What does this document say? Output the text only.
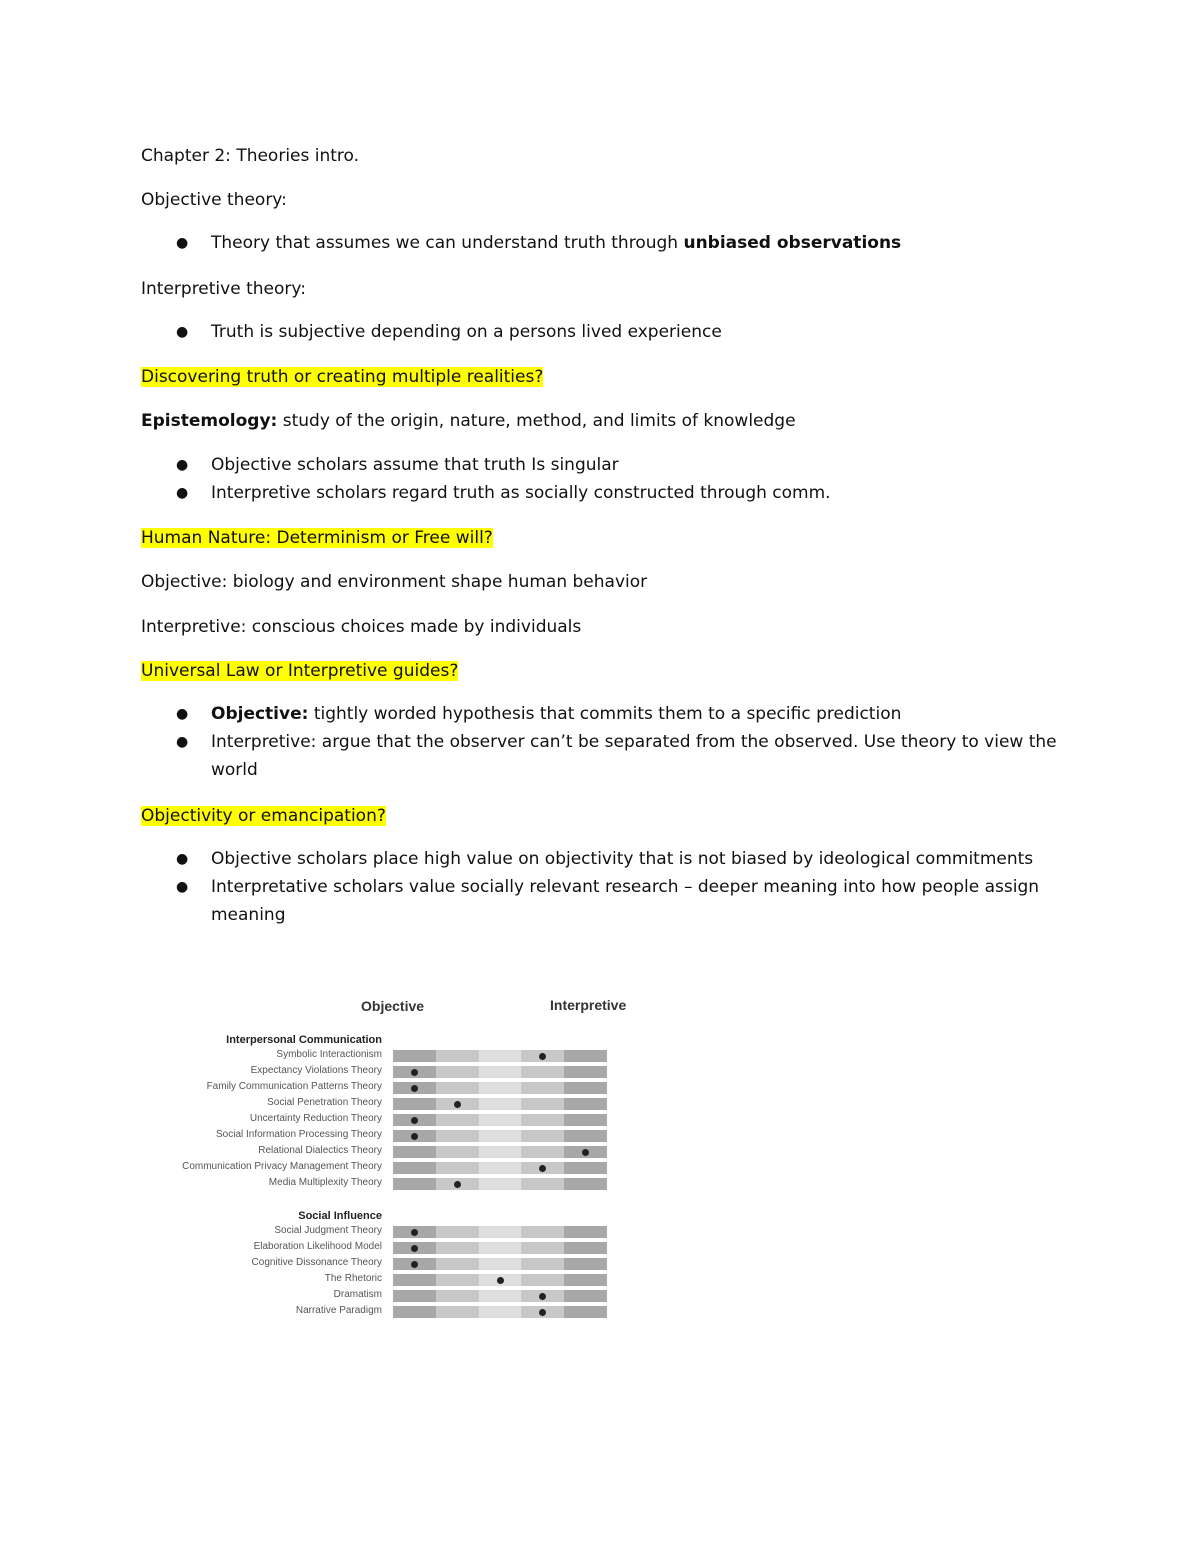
Chapter 2: Theories intro.
Objective theory:
● Theory that assumes we can understand truth through unbiased observations
Interpretive theory:
● Truth is subjective depending on a persons lived experience
Discovering truth or creating multiple realities?
Epistemology: study of the origin, nature, method, and limits of knowledge
● Objective scholars assume that truth Is singular
● Interpretive scholars regard truth as socially constructed through comm.
Human Nature: Determinism or Free will?
Objective: biology and environment shape human behavior
Interpretive: conscious choices made by individuals
Universal Law or Interpretive guides?
● Objective: tightly worded hypothesis that commits them to a specific prediction
● Interpretive: argue that the observer can’t be separated from the observed. Use theory to view the world
Objectivity or emancipation?
● Objective scholars place high value on objectivity that is not biased by ideological commitments
● Interpretative scholars value socially relevant research – deeper meaning into how people assign meaning
Objective	Interpretive
Interpersonal Communication
Symbolic Interactionism
Expectancy Violations Theory
Family Communication Patterns Theory
Social Penetration Theory
Uncertainty Reduction Theory
Social Information Processing Theory
Relational Dialectics Theory
Communication Privacy Management Theory
Media Multiplexity Theory
Social Influence
Social Judgment Theory
Elaboration Likelihood Model
Cognitive Dissonance Theory
The Rhetoric
Dramatism
Narrative Paradigm
